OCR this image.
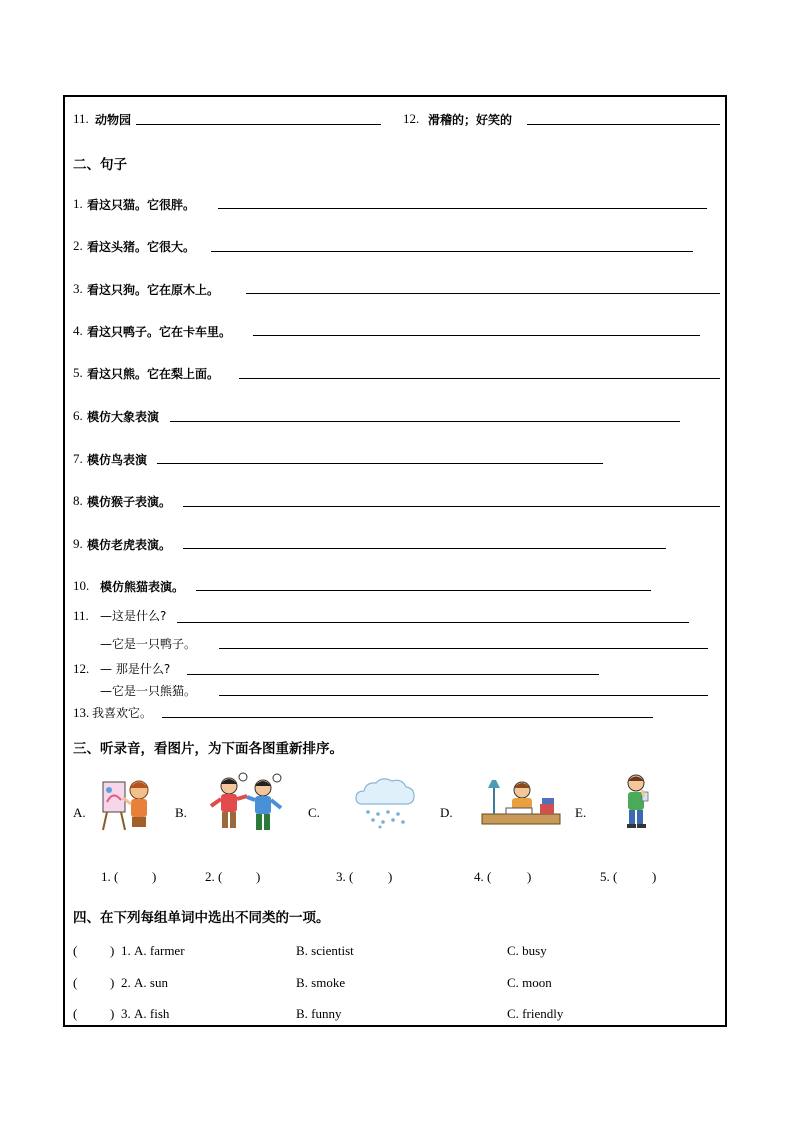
11. 动物园	12. 滑稽的；好笑的
二、句子
1. 看这只猫。它很胖。
2. 看这头猪。它很大。
3. 看这只狗。它在原木上。
4. 看这只鸭子。它在卡车里。
5. 看这只熊。它在梨上面。
6. 模仿大象表演
7. 模仿鸟表演
8. 模仿猴子表演。
9. 模仿老虎表演。
10. 模仿熊猫表演。
11. —这是什么?
—它是一只鸭子。
12. — 那是什么?
—它是一只熊猫。
13. 我喜欢它。
三、听录音，看图片，为下面各图重新排序。
A.	B.	C.	D.	E.
1. (	)	2. (	)	3. (	)	4. (	)	5. (	)
四、在下列每组单词中选出不同类的一项。
(	) 1. A. farmer	B. scientist	C. busy
(	) 2. A. sun	B. smoke	C. moon
(	) 3. A. fish	B. funny	C. friendly
